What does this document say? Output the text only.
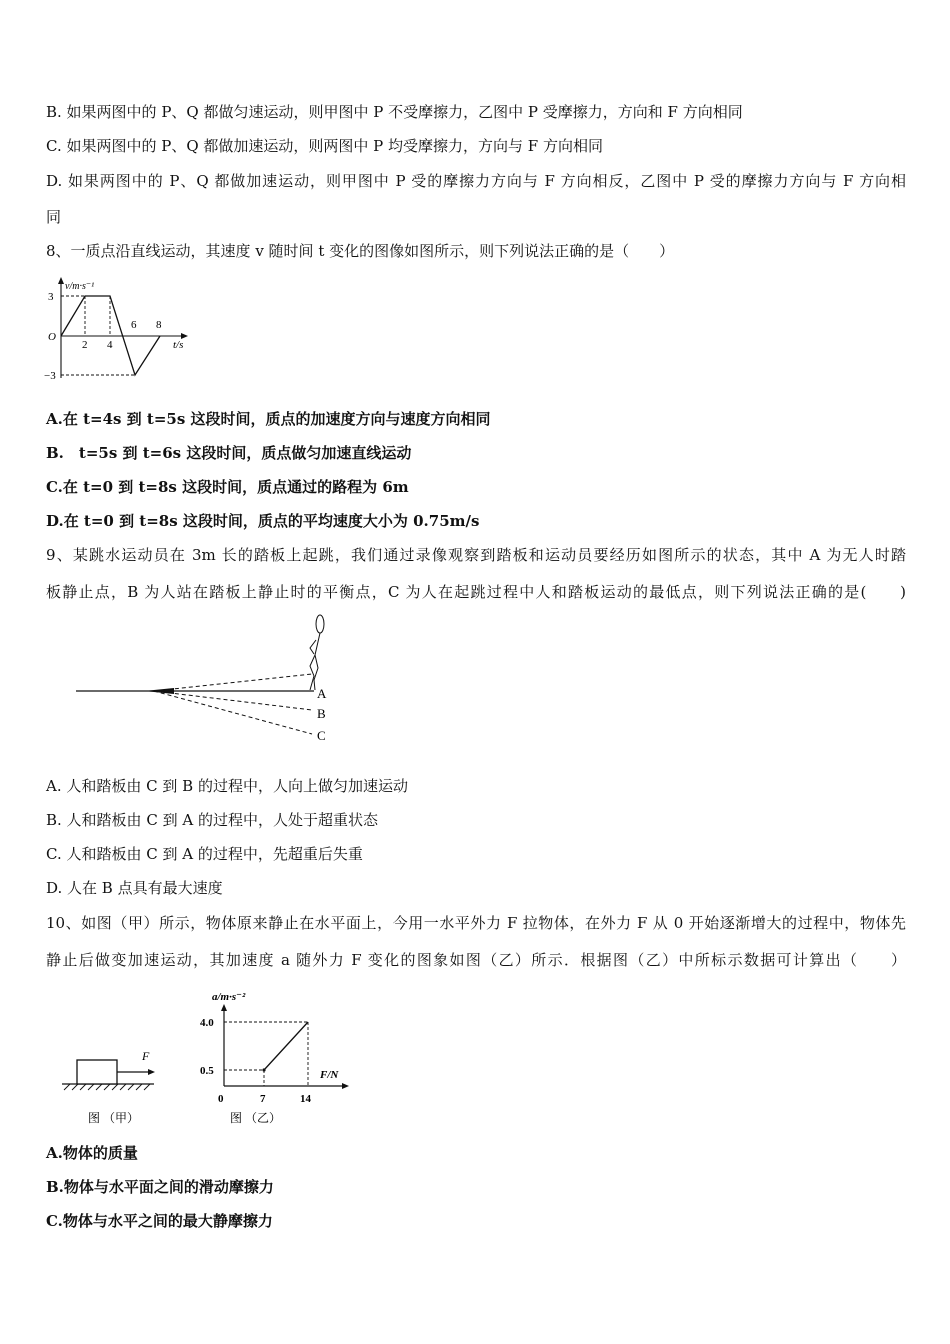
B. 如果两图中的 P、Q 都做匀速运动，则甲图中 P 不受摩擦力，乙图中 P 受摩擦力，方向和 F 方向相同
C. 如果两图中的 P、Q 都做加速运动，则两图中 P 均受摩擦力，方向与 F 方向相同
D. 如果两图中的 P、Q 都做加速运动，则甲图中 P 受的摩擦力方向与 F 方向相反，乙图中 P 受的摩擦力方向与 F 方向相
同
8、一质点沿直线运动，其速度 v 随时间 t 变化的图像如图所示，则下列说法正确的是（　　）
v/m·s⁻¹
3
O
−3
2 4
6 8
t/s
A.在 t=4s 到 t=5s 这段时间，质点的加速度方向与速度方向相同
B.　t=5s 到 t=6s 这段时间，质点做匀加速直线运动
C.在 t=0 到 t=8s 这段时间，质点通过的路程为 6m
D.在 t=0 到 t=8s 这段时间，质点的平均速度大小为 0.75m/s
9、某跳水运动员在 3m 长的踏板上起跳，我们通过录像观察到踏板和运动员要经历如图所示的状态，其中 A 为无人时踏
板静止点，B 为人站在踏板上静止时的平衡点，C 为人在起跳过程中人和踏板运动的最低点，则下列说法正确的是(　　)
A
B
C
A. 人和踏板由 C 到 B 的过程中，人向上做匀加速运动
B. 人和踏板由 C 到 A 的过程中，人处于超重状态
C. 人和踏板由 C 到 A 的过程中，先超重后失重
D. 人在 B 点具有最大速度
10、如图（甲）所示，物体原来静止在水平面上，今用一水平外力 F 拉物体，在外力 F 从 0 开始逐渐增大的过程中，物体先
静止后做变加速运动，其加速度 a 随外力 F 变化的图象如图（乙）所示．根据图（乙）中所标示数据可计算出（　　）
F
图 （甲）
a/m·s⁻²
4.0
0.5
0	7	14
F/N
图 （乙）
A.物体的质量
B.物体与水平面之间的滑动摩擦力
C.物体与水平之间的最大静摩擦力
